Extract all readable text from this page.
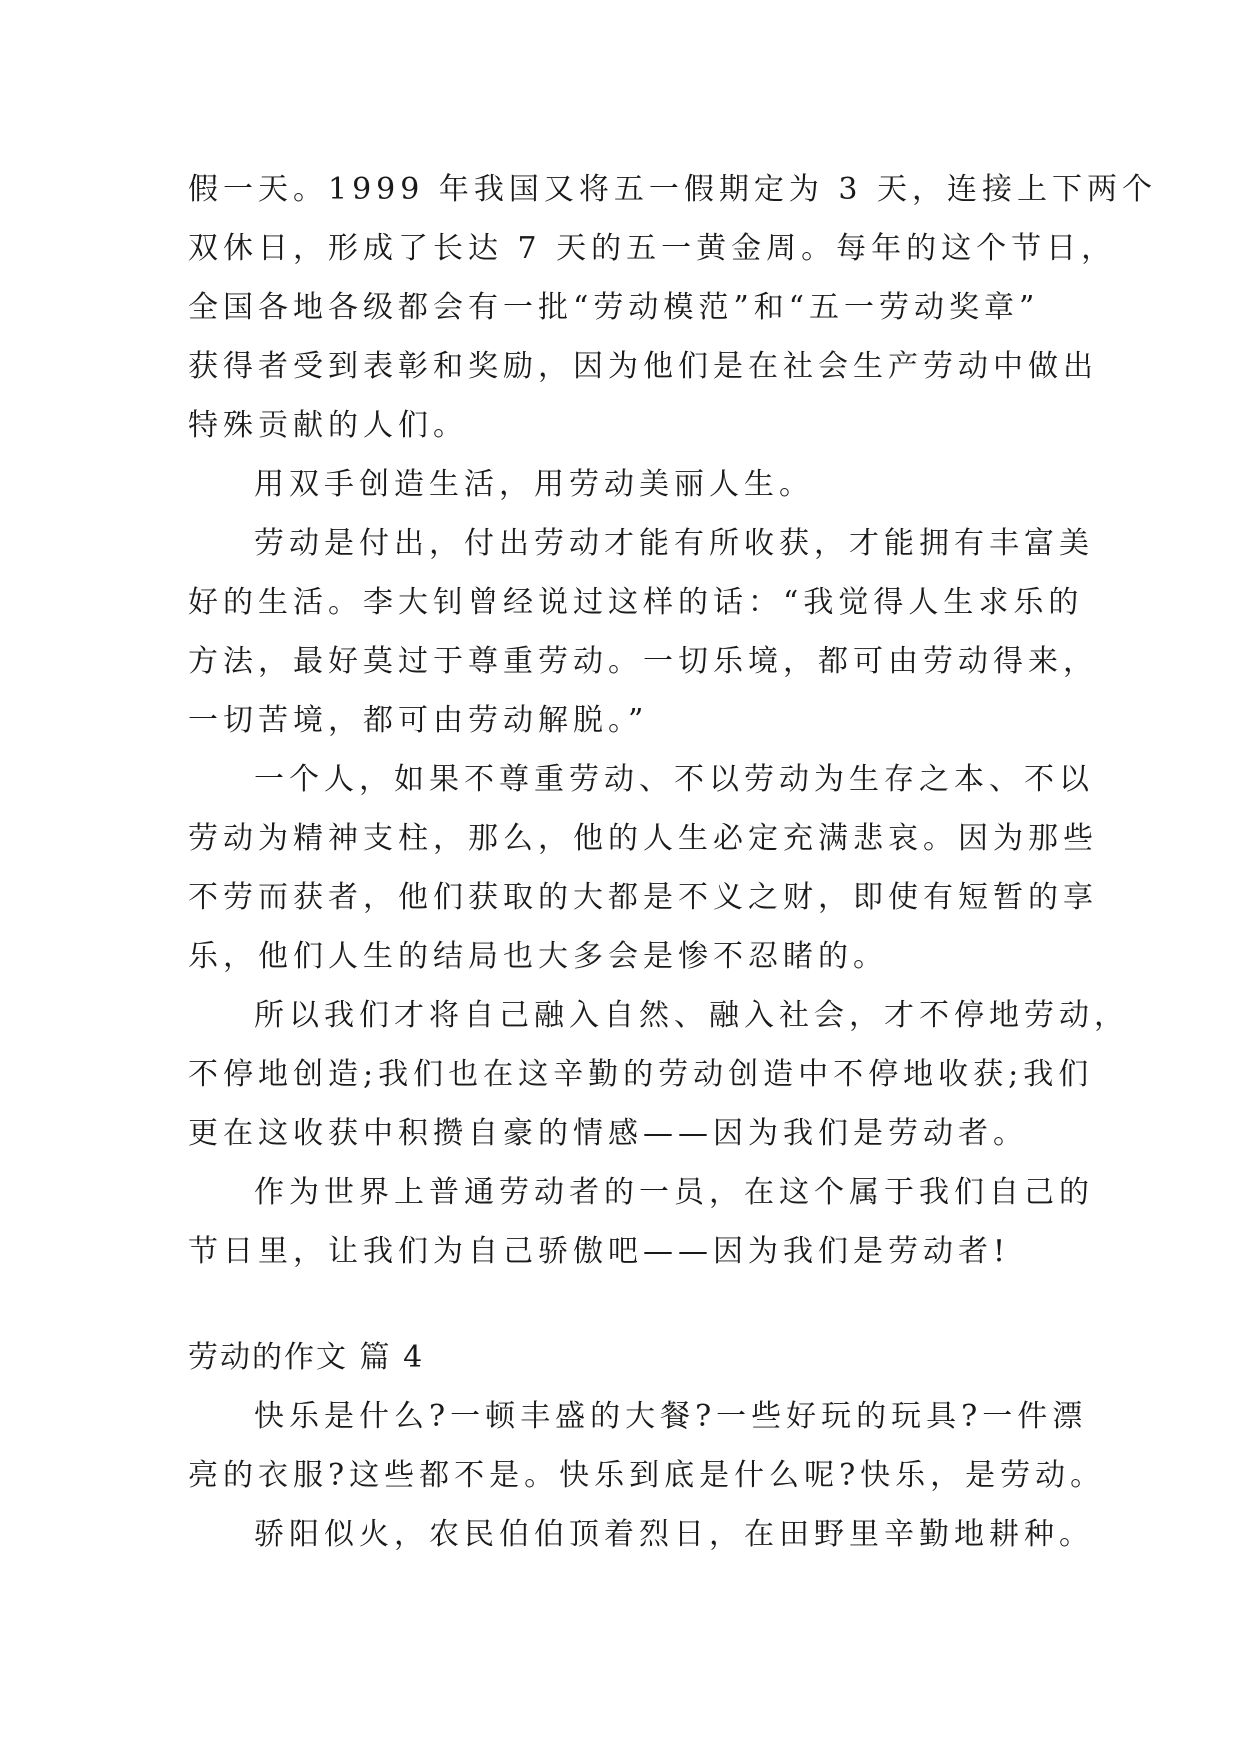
假一天。1999 年我国又将五一假期定为 3 天，连接上下两个
双休日，形成了长达 7 天的五一黄金周。每年的这个节日，
全国各地各级都会有一批“劳动模范”和“五一劳动奖章”
获得者受到表彰和奖励，因为他们是在社会生产劳动中做出
特殊贡献的人们。
用双手创造生活，用劳动美丽人生。
劳动是付出，付出劳动才能有所收获，才能拥有丰富美
好的生活。李大钊曾经说过这样的话：“我觉得人生求乐的
方法，最好莫过于尊重劳动。一切乐境，都可由劳动得来，
一切苦境，都可由劳动解脱。”
一个人，如果不尊重劳动、不以劳动为生存之本、不以
劳动为精神支柱，那么，他的人生必定充满悲哀。因为那些
不劳而获者，他们获取的大都是不义之财，即使有短暂的享
乐，他们人生的结局也大多会是惨不忍睹的。
所以我们才将自己融入自然、融入社会，才不停地劳动，
不停地创造;我们也在这辛勤的劳动创造中不停地收获;我们
更在这收获中积攒自豪的情感——因为我们是劳动者。
作为世界上普通劳动者的一员，在这个属于我们自己的
节日里，让我们为自己骄傲吧——因为我们是劳动者!
劳动的作文 篇 4
快乐是什么?一顿丰盛的大餐?一些好玩的玩具?一件漂
亮的衣服?这些都不是。快乐到底是什么呢?快乐，是劳动。
骄阳似火，农民伯伯顶着烈日，在田野里辛勤地耕种。
